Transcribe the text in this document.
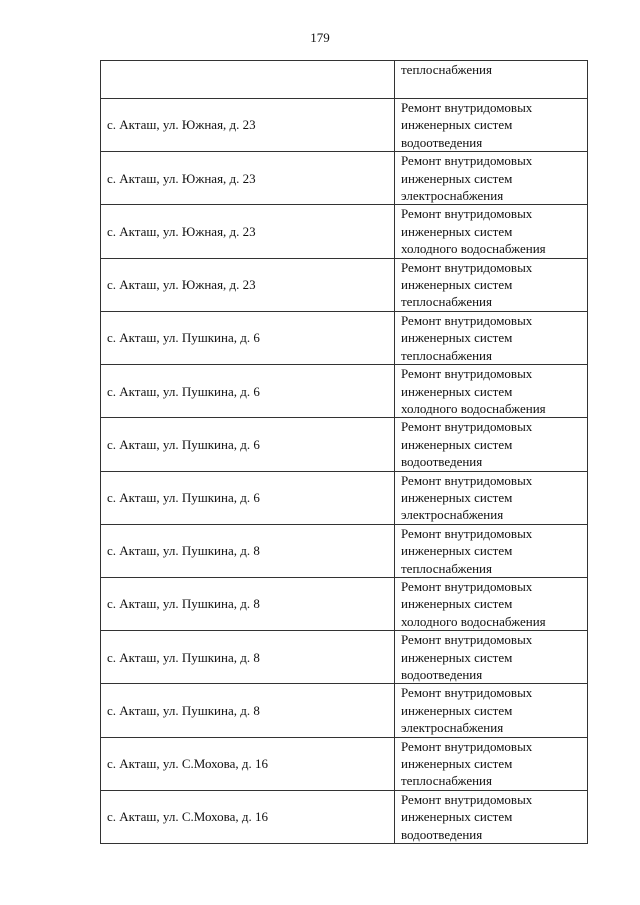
179

	теплоснабжения

с. Акташ, ул. Южная, д. 23	Ремонт внутридомовых
инженерных систем
водоотведения

с. Акташ, ул. Южная, д. 23	Ремонт внутридомовых
инженерных систем
электроснабжения

с. Акташ, ул. Южная, д. 23	Ремонт внутридомовых
инженерных систем
холодного водоснабжения

с. Акташ, ул. Южная, д. 23	Ремонт внутридомовых
инженерных систем
теплоснабжения

с. Акташ, ул. Пушкина, д. 6	Ремонт внутридомовых
инженерных систем
теплоснабжения

с. Акташ, ул. Пушкина, д. 6	Ремонт внутридомовых
инженерных систем
холодного водоснабжения

с. Акташ, ул. Пушкина, д. 6	Ремонт внутридомовых
инженерных систем
водоотведения

с. Акташ, ул. Пушкина, д. 6	Ремонт внутридомовых
инженерных систем
электроснабжения

с. Акташ, ул. Пушкина, д. 8	Ремонт внутридомовых
инженерных систем
теплоснабжения

с. Акташ, ул. Пушкина, д. 8	Ремонт внутридомовых
инженерных систем
холодного водоснабжения

с. Акташ, ул. Пушкина, д. 8	Ремонт внутридомовых
инженерных систем
водоотведения

с. Акташ, ул. Пушкина, д. 8	Ремонт внутридомовых
инженерных систем
электроснабжения

с. Акташ, ул. С.Мохова, д. 16	Ремонт внутридомовых
инженерных систем
теплоснабжения

с. Акташ, ул. С.Мохова, д. 16	Ремонт внутридомовых
инженерных систем
водоотведения
